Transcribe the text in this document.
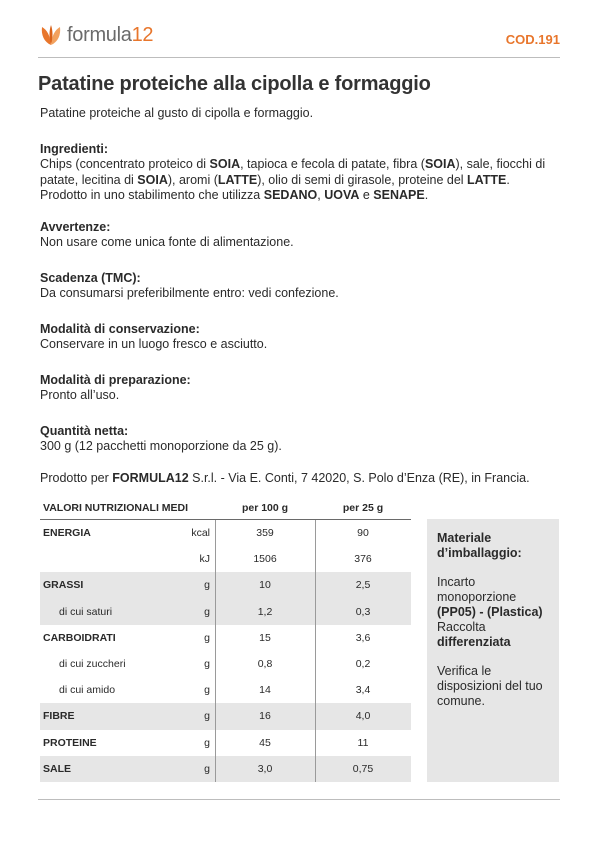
formula12	COD.191
Patatine proteiche alla cipolla e formaggio

Patatine proteiche al gusto di cipolla e formaggio.

Ingredienti:

Chips (concentrato proteico di SOIA, tapioca e fecola di patate, fibra (SOIA), sale, fiocchi di patate, lecitina di SOIA), aromi (LATTE), olio di semi di girasole, proteine del LATTE.

Prodotto in uno stabilimento che utilizza SEDANO, UOVA e SENAPE.

Avvertenze:

Non usare come unica fonte di alimentazione.

Scadenza (TMC):

Da consumarsi preferibilmente entro: vedi confezione.

Modalità di conservazione:

Conservare in un luogo fresco e asciutto.

Modalità di preparazione:

Pronto all’uso.

Quantità netta:

300 g (12 pacchetti monoporzione da 25 g).

Prodotto per FORMULA12 S.r.l. - Via E. Conti, 7 42020, S. Polo d’Enza (RE), in Francia.

VALORI NUTRIZIONALI MEDI	per 100 g	per 25 g
ENERGIA	kcal	359	90
kJ	1506	376
GRASSI	g	10	2,5
di cui saturi	g	1,2	0,3
CARBOIDRATI	g	15	3,6
di cui zuccheri	g	0,8	0,2
di cui amido	g	14	3,4
FIBRE	g	16	4,0
PROTEINE	g	45	11
SALE	g	3,0	0,75

Materiale d’imballaggio:

Incarto monoporzione

(PP05) - (Plastica)

Raccolta

differenziata

Verifica le disposizioni del tuo comune.
